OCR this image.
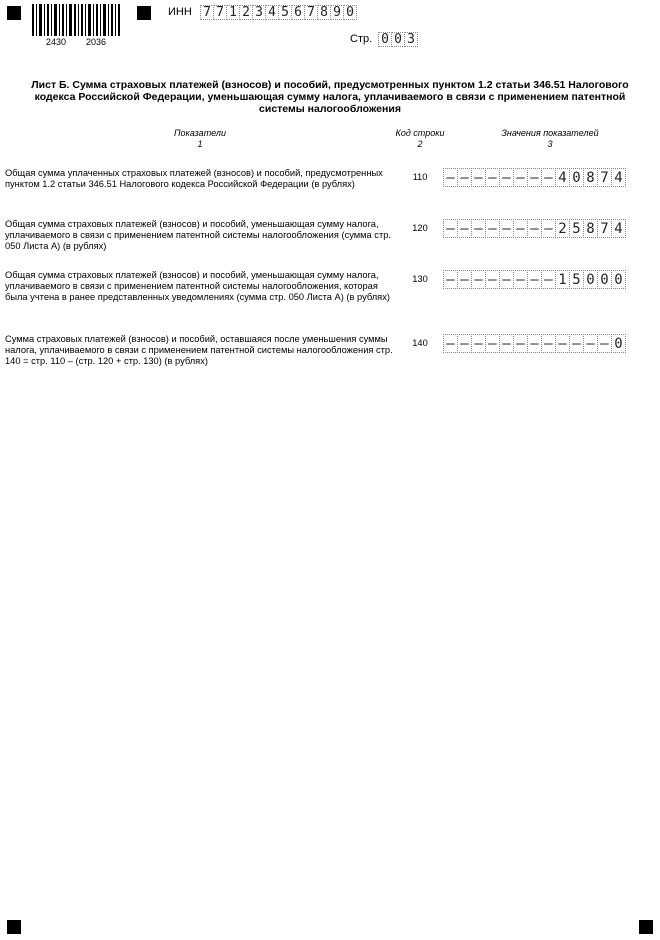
2430 2036
ИНН 7 7 1 2 3 4 5 6 7 8 9 0
Стр. 0 0 3
Лист Б. Сумма страховых платежей (взносов) и пособий, предусмотренных пунктом 1.2 статьи 346.51 Налогового кодекса Российской Федерации, уменьшающая сумму налога, уплачиваемого в связи с применением патентной системы налогообложения
Показатели
1
Код строки
2
Значения показателей
3
Общая сумма уплаченных страховых платежей (взносов) и пособий, предусмотренных пунктом 1.2 статьи 346.51 Налогового кодекса Российской Федерации (в рублях)
110	– – – – – – – – 4 0 8 7 4
Общая сумма страховых платежей (взносов) и пособий, уменьшающая сумму налога, уплачиваемого в связи с применением патентной системы налогообложения (сумма стр. 050 Листа А) (в рублях)
120	– – – – – – – – 2 5 8 7 4
Общая сумма страховых платежей (взносов) и пособий, уменьшающая сумму налога, уплачиваемого в связи с применением патентной системы налогообложения, которая была учтена в ранее представленных уведомлениях (сумма стр. 050 Листа А) (в рублях)
130	– – – – – – – – 1 5 0 0 0
Сумма страховых платежей (взносов) и пособий, оставшаяся после уменьшения суммы налога, уплачиваемого в связи с применением патентной системы налогообложения стр. 140 = стр. 110 – (стр. 120 + стр. 130) (в рублях)
140	– – – – – – – – – – – – 0
